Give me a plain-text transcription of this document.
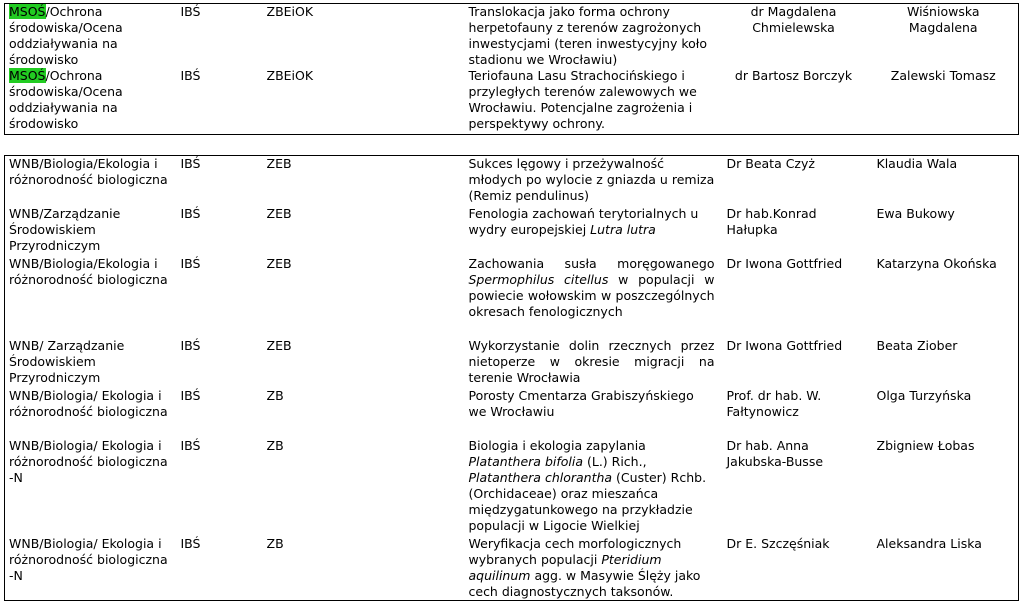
MSOŚ/Ochrona środowiska/Ocena oddziaływania na środowisko	IBŚ	ZBEiOK	Translokacja jako forma ochrony herpetofauny z terenów zagrożonych inwestycjami (teren inwestycyjny koło stadionu we Wrocławiu)	dr Magdalena Chmielewska	Wiśniowska Magdalena
MSOŚ/Ochrona środowiska/Ocena oddziaływania na środowisko	IBŚ	ZBEiOK	Teriofauna Lasu Strachocińskiego i przyległych terenów zalewowych we Wrocławiu. Potencjalne zagrożenia i perspektywy ochrony.	dr Bartosz Borczyk	Zalewski Tomasz
WNB/Biologia/Ekologia i różnorodność biologiczna	IBŚ	ZEB	Sukces lęgowy i przeżywalność młodych po wylocie z gniazda u remiza (Remiz pendulinus)	Dr Beata Czyż	Klaudia Wala
WNB/Zarządzanie Środowiskiem Przyrodniczym	IBŚ	ZEB	Fenologia zachowań terytorialnych u wydry europejskiej Lutra lutra	Dr hab.Konrad Hałupka	Ewa Bukowy
WNB/Biologia/Ekologia i różnorodność biologiczna	IBŚ	ZEB	Zachowania susła moręgowanego Spermophilus citellus w populacji w powiecie wołowskim w poszczególnych okresach fenologicznych	Dr Iwona Gottfried	Katarzyna Okońska
WNB/ Zarządzanie Środowiskiem Przyrodniczym	IBŚ	ZEB	Wykorzystanie dolin rzecznych przez nietoperze w okresie migracji na terenie Wrocławia	Dr Iwona Gottfried	Beata Ziober
WNB/Biologia/ Ekologia i różnorodność biologiczna	IBŚ	ZB	Porosty Cmentarza Grabiszyńskiego we Wrocławiu	Prof. dr hab. W. Fałtynowicz	Olga Turzyńska
WNB/Biologia/ Ekologia i różnorodność biologiczna -N	IBŚ	ZB	Biologia i ekologia zapylania Platanthera bifolia (L.) Rich., Platanthera chlorantha (Custer) Rchb. (Orchidaceae) oraz mieszańca międzygatunkowego na przykładzie populacji w Ligocie Wielkiej	Dr hab. Anna Jakubska-Busse	Zbigniew Łobas
WNB/Biologia/ Ekologia i różnorodność biologiczna -N	IBŚ	ZB	Weryfikacja cech morfologicznych wybranych populacji Pteridium aquilinum agg. w Masywie Ślęży jako cech diagnostycznych taksonów.	Dr E. Szczęśniak	Aleksandra Liska
